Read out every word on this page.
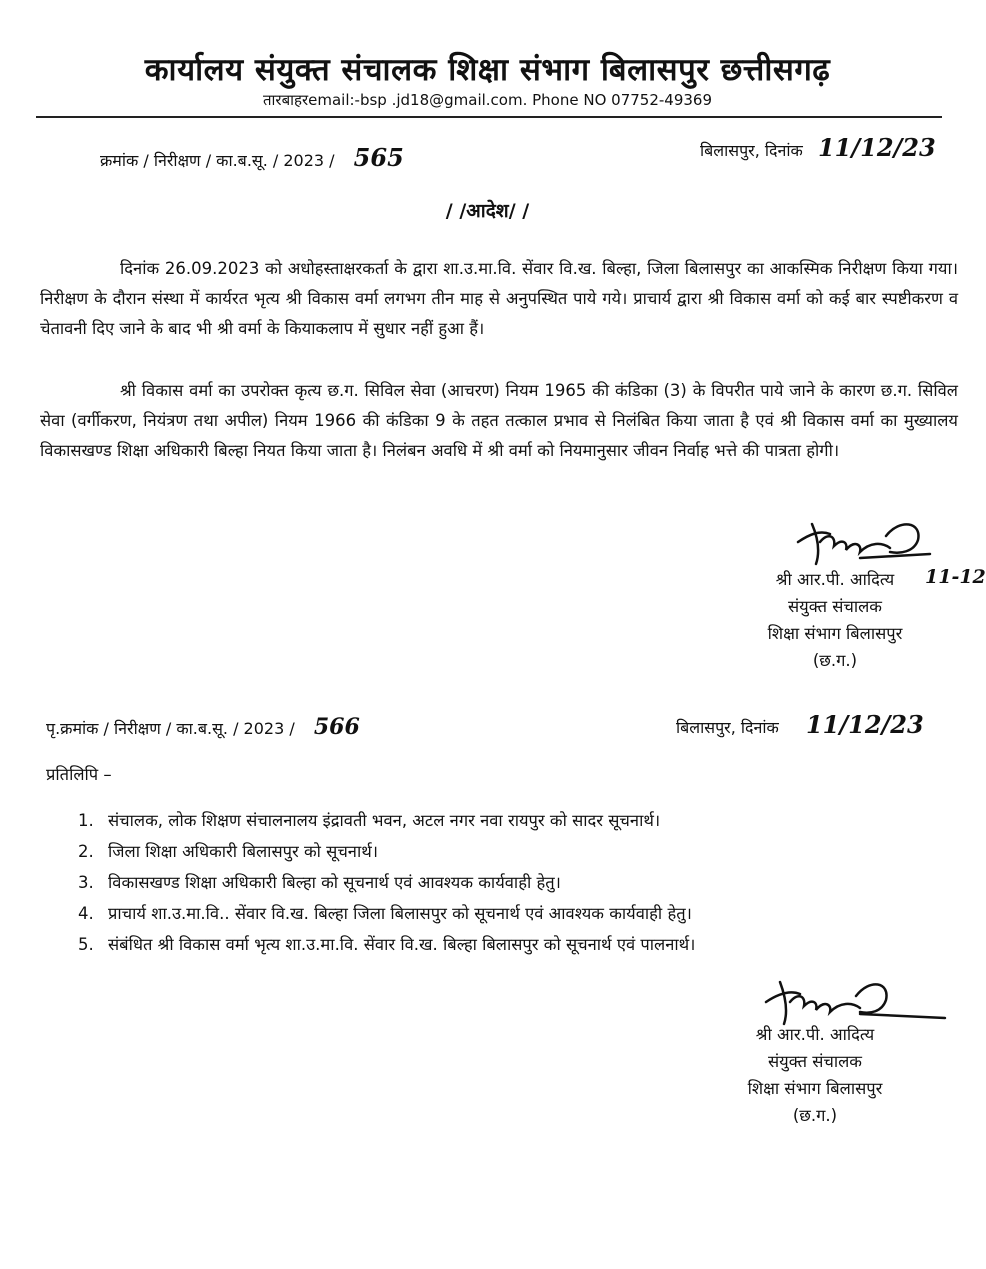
कार्यालय संयुक्त संचालक शिक्षा संभाग बिलासपुर छत्तीसगढ़
तारबाहरemail:-bsp .jd18@gmail.com. Phone NO 07752-49369
क्रमांक / निरीक्षण / का.ब.सू. / 2023 / 565	बिलासपुर, दिनांक 11/12/23
/ /आदेश/ /
दिनांक 26.09.2023 को अधोहस्ताक्षरकर्ता के द्वारा शा.उ.मा.वि. सेंवार वि.ख. बिल्हा, जिला बिलासपुर का आकस्मिक निरीक्षण किया गया। निरीक्षण के दौरान संस्था में कार्यरत भृत्य श्री विकास वर्मा लगभग तीन माह से अनुपस्थित पाये गये। प्राचार्य द्वारा श्री विकास वर्मा को कई बार स्पष्टीकरण व चेतावनी दिए जाने के बाद भी श्री वर्मा के कियाकलाप में सुधार नहीं हुआ हैं।
श्री विकास वर्मा का उपरोक्त कृत्य छ.ग. सिविल सेवा (आचरण) नियम 1965 की कंडिका (3) के विपरीत पाये जाने के कारण छ.ग. सिविल सेवा (वर्गीकरण, नियंत्रण तथा अपील) नियम 1966 की कंडिका 9 के तहत तत्काल प्रभाव से निलंबित किया जाता है एवं श्री विकास वर्मा का मुख्यालय विकासखण्ड शिक्षा अधिकारी बिल्हा नियत किया जाता है। निलंबन अवधि में श्री वर्मा को नियमानुसार जीवन निर्वाह भत्ते की पात्रता होगी।
श्री आर.पी. आदित्य 11-12
संयुक्त संचालक
शिक्षा संभाग बिलासपुर
(छ.ग.)
पृ.क्रमांक / निरीक्षण / का.ब.सू. / 2023 / 566	बिलासपुर, दिनांक 11/12/23
प्रतिलिपि –
1. संचालक, लोक शिक्षण संचालनालय इंद्रावती भवन, अटल नगर नवा रायपुर को सादर सूचनार्थ।
2. जिला शिक्षा अधिकारी बिलासपुर को सूचनार्थ।
3. विकासखण्ड शिक्षा अधिकारी बिल्हा को सूचनार्थ एवं आवश्यक कार्यवाही हेतु।
4. प्राचार्य शा.उ.मा.वि.. सेंवार वि.ख. बिल्हा जिला बिलासपुर को सूचनार्थ एवं आवश्यक कार्यवाही हेतु।
5. संबंधित श्री विकास वर्मा भृत्य शा.उ.मा.वि. सेंवार वि.ख. बिल्हा बिलासपुर को सूचनार्थ एवं पालनार्थ।
श्री आर.पी. आदित्य
संयुक्त संचालक
शिक्षा संभाग बिलासपुर
(छ.ग.)
